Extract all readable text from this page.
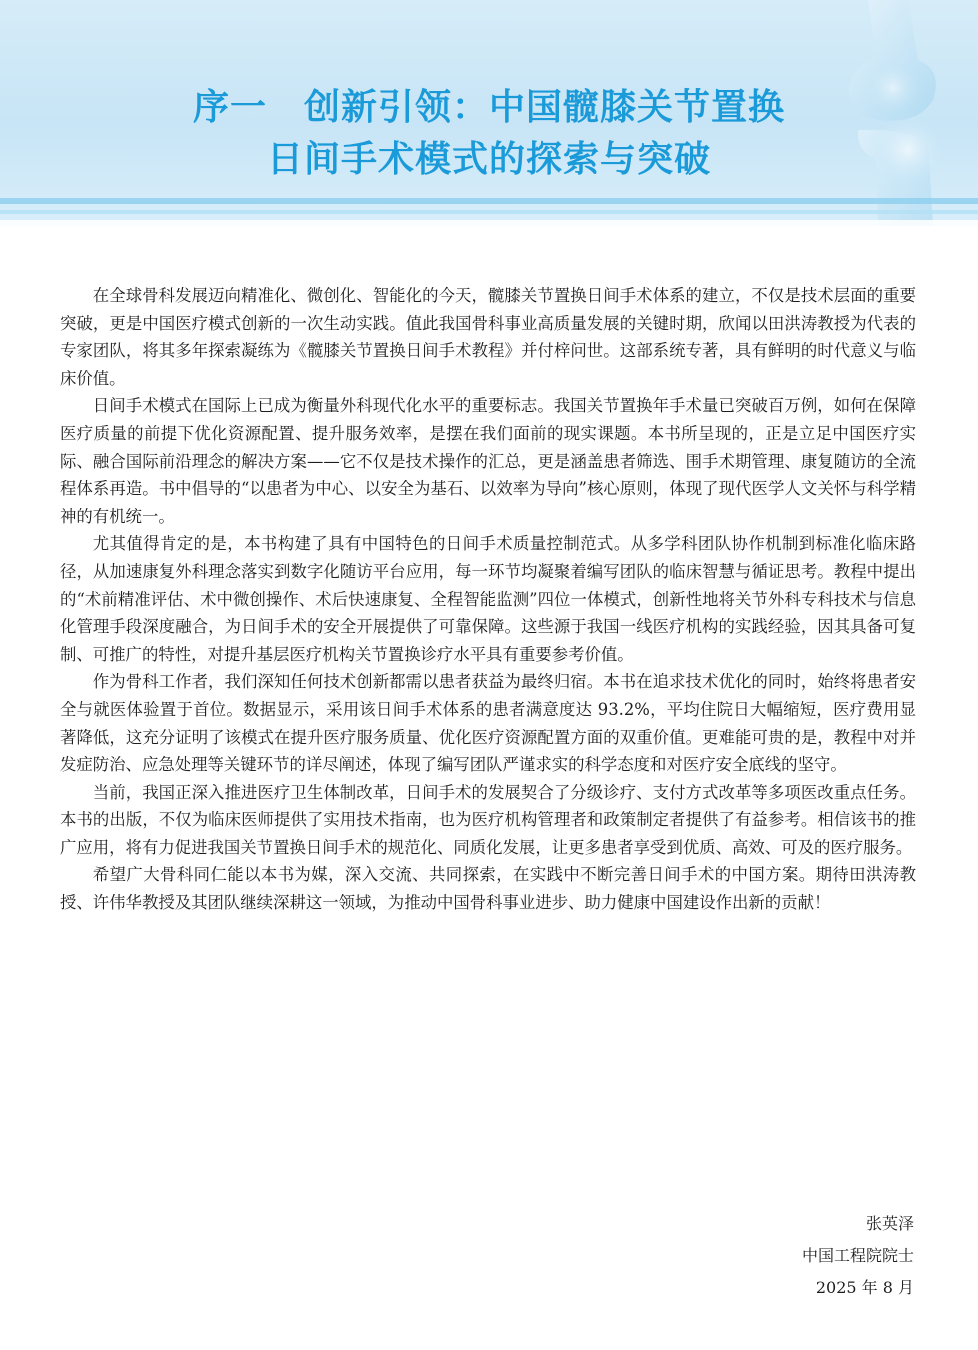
序一　创新引领：中国髋膝关节置换
日间手术模式的探索与突破

在全球骨科发展迈向精准化、微创化、智能化的今天，髋膝关节置换日间手术体系的建立，不仅是技术层面的重要突破，更是中国医疗模式创新的一次生动实践。值此我国骨科事业高质量发展的关键时期，欣闻以田洪涛教授为代表的专家团队，将其多年探索凝练为《髋膝关节置换日间手术教程》并付梓问世。这部系统专著，具有鲜明的时代意义与临床价值。

日间手术模式在国际上已成为衡量外科现代化水平的重要标志。我国关节置换年手术量已突破百万例，如何在保障医疗质量的前提下优化资源配置、提升服务效率，是摆在我们面前的现实课题。本书所呈现的，正是立足中国医疗实际、融合国际前沿理念的解决方案——它不仅是技术操作的汇总，更是涵盖患者筛选、围手术期管理、康复随访的全流程体系再造。书中倡导的“以患者为中心、以安全为基石、以效率为导向”核心原则，体现了现代医学人文关怀与科学精神的有机统一。

尤其值得肯定的是，本书构建了具有中国特色的日间手术质量控制范式。从多学科团队协作机制到标准化临床路径，从加速康复外科理念落实到数字化随访平台应用，每一环节均凝聚着编写团队的临床智慧与循证思考。教程中提出的“术前精准评估、术中微创操作、术后快速康复、全程智能监测”四位一体模式，创新性地将关节外科专科技术与信息化管理手段深度融合，为日间手术的安全开展提供了可靠保障。这些源于我国一线医疗机构的实践经验，因其具备可复制、可推广的特性，对提升基层医疗机构关节置换诊疗水平具有重要参考价值。

作为骨科工作者，我们深知任何技术创新都需以患者获益为最终归宿。本书在追求技术优化的同时，始终将患者安全与就医体验置于首位。数据显示，采用该日间手术体系的患者满意度达 93.2%，平均住院日大幅缩短，医疗费用显著降低，这充分证明了该模式在提升医疗服务质量、优化医疗资源配置方面的双重价值。更难能可贵的是，教程中对并发症防治、应急处理等关键环节的详尽阐述，体现了编写团队严谨求实的科学态度和对医疗安全底线的坚守。

当前，我国正深入推进医疗卫生体制改革，日间手术的发展契合了分级诊疗、支付方式改革等多项医改重点任务。本书的出版，不仅为临床医师提供了实用技术指南，也为医疗机构管理者和政策制定者提供了有益参考。相信该书的推广应用，将有力促进我国关节置换日间手术的规范化、同质化发展，让更多患者享受到优质、高效、可及的医疗服务。

希望广大骨科同仁能以本书为媒，深入交流、共同探索，在实践中不断完善日间手术的中国方案。期待田洪涛教授、许伟华教授及其团队继续深耕这一领域，为推动中国骨科事业进步、助力健康中国建设作出新的贡献！

张英泽
中国工程院院士
2025 年 8 月
